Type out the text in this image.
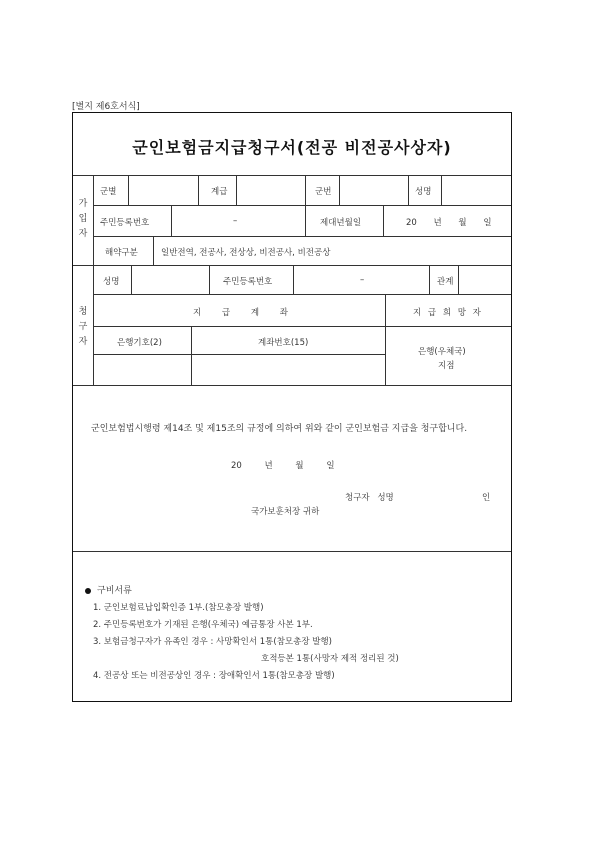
[별지 제6호서식]
군인보험금지급청구서(전공 비전공사상자)
가
입
자
군별	계급	군번	성명
주민등록번호	–	제대년월일	20 년 월 일
해약구분	일반전역, 전공사, 전상상, 비전공사, 비전공상
청
구
자
성명	주민등록번호	–	관계
지 급 계 좌	지 급 희 망 자
은행기호(2)	계좌번호(15)
은행(우체국)
지점
군인보험법시행령 제14조 및 제15조의 규정에 의하여 위와 같이 군인보험금 지급을 청구합니다.
20 년 월 일
청구자 성명	인
국가보훈처장 귀하
구비서류
1. 군인보험료납입확인증 1부.(참모총장 발행)
2. 주민등록번호가 기재된 은행(우체국) 예금통장 사본 1부.
3. 보험금청구자가 유족인 경우 : 사망확인서 1통(참모총장 발행)
호적등본 1통(사망자 제적 정리된 것)
4. 전공상 또는 비전공상인 경우 : 장애확인서 1통(참모총장 발행)
